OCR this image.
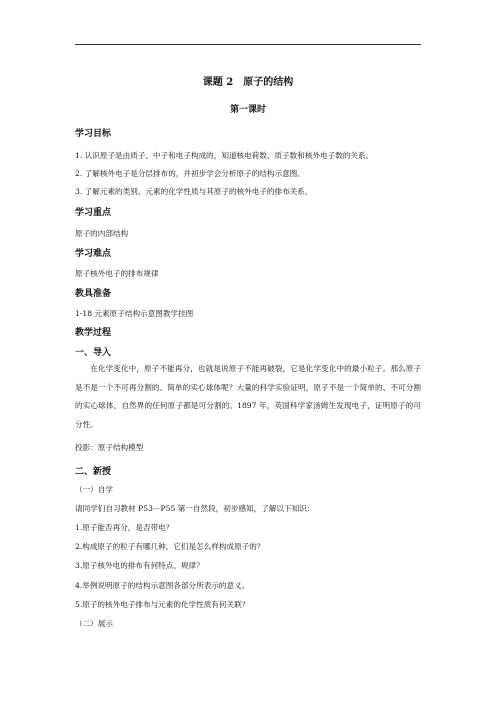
课题 2　原子的结构
第一课时
学习目标
1. 认识原子是由质子、中子和电子构成的，知道核电荷数、质子数和核外电子数的关系。
2. 了解核外电子是分层排布的，并初步学会分析原子的结构示意图。
3. 了解元素的类别、元素的化学性质与其原子的核外电子的排布关系。
学习重点
原子的内部结构
学习难点
原子核外电子的排布规律
教具准备
1-18 元素原子结构示意图教学挂图
教学过程
一、导入
在化学变化中，原子不能再分，也就是说原子不能再破裂，它是化学变化中的最小粒子。那么原子是不是一个不可再分割的、简单的实心球体呢？大量的科学实验证明，原子不是一个简单的、不可分割的实心球体，自然界的任何原子都是可分割的。1897 年，英国科学家汤姆生发现电子，证明原子的可分性。
投影：原子结构模型
二、新授
（一）自学
请同学们自习教材 P53－P55 第一自然段，初步感知，了解以下知识：
1.原子能否再分，是否带电？
2.构成原子的粒子有哪几种，它们是怎么样构成原子的？
3.原子核外电的排布有何特点、规律？
4.举例说明原子的结构示意图各部分所表示的意义。
5.原子的核外电子排布与元素的化学性质有何关联？
（二）展示
